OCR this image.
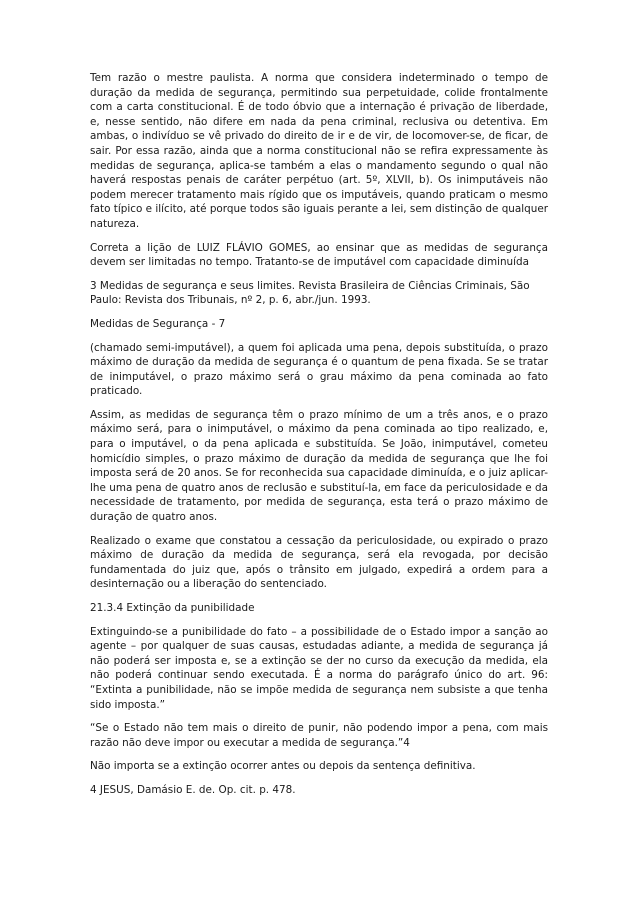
Tem razão o mestre paulista. A norma que considera indeterminado o tempo de duração da medida de segurança, permitindo sua perpetuidade, colide frontalmente com a carta constitucional. É de todo óbvio que a internação é privação de liberdade, e, nesse sentido, não difere em nada da pena criminal, reclusiva ou detentiva. Em ambas, o indivíduo se vê privado do direito de ir e de vir, de locomover-se, de ficar, de sair. Por essa razão, ainda que a norma constitucional não se refira expressamente às medidas de segurança, aplica-se também a elas o mandamento segundo o qual não haverá respostas penais de caráter perpétuo (art. 5º, XLVII, b). Os inimputáveis não podem merecer tratamento mais rígido que os imputáveis, quando praticam o mesmo fato típico e ilícito, até porque todos são iguais perante a lei, sem distinção de qualquer natureza.

Correta a lição de LUIZ FLÁVIO GOMES, ao ensinar que as medidas de segurança devem ser limitadas no tempo. Tratanto-se de imputável com capacidade diminuída

3 Medidas de segurança e seus limites. Revista Brasileira de Ciências Criminais, São Paulo: Revista dos Tribunais, nº 2, p. 6, abr./jun. 1993.

Medidas de Segurança - 7

(chamado semi-imputável), a quem foi aplicada uma pena, depois substituída, o prazo máximo de duração da medida de segurança é o quantum de pena fixada. Se se tratar de inimputável, o prazo máximo será o grau máximo da pena cominada ao fato praticado.

Assim, as medidas de segurança têm o prazo mínimo de um a três anos, e o prazo máximo será, para o inimputável, o máximo da pena cominada ao tipo realizado, e, para o imputável, o da pena aplicada e substituída. Se João, inimputável, cometeu homicídio simples, o prazo máximo de duração da medida de segurança que lhe foi imposta será de 20 anos. Se for reconhecida sua capacidade diminuída, e o juiz aplicar-lhe uma pena de quatro anos de reclusão e substituí-la, em face da periculosidade e da necessidade de tratamento, por medida de segurança, esta terá o prazo máximo de duração de quatro anos.

Realizado o exame que constatou a cessação da periculosidade, ou expirado o prazo máximo de duração da medida de segurança, será ela revogada, por decisão fundamentada do juiz que, após o trânsito em julgado, expedirá a ordem para a desinternação ou a liberação do sentenciado.

21.3.4 Extinção da punibilidade

Extinguindo-se a punibilidade do fato – a possibilidade de o Estado impor a sanção ao agente – por qualquer de suas causas, estudadas adiante, a medida de segurança já não poderá ser imposta e, se a extinção se der no curso da execução da medida, ela não poderá continuar sendo executada. É a norma do parágrafo único do art. 96: “Extinta a punibilidade, não se impõe medida de segurança nem subsiste a que tenha sido imposta.”

“Se o Estado não tem mais o direito de punir, não podendo impor a pena, com mais razão não deve impor ou executar a medida de segurança.”4

Não importa se a extinção ocorrer antes ou depois da sentença definitiva.

4 JESUS, Damásio E. de. Op. cit. p. 478.
